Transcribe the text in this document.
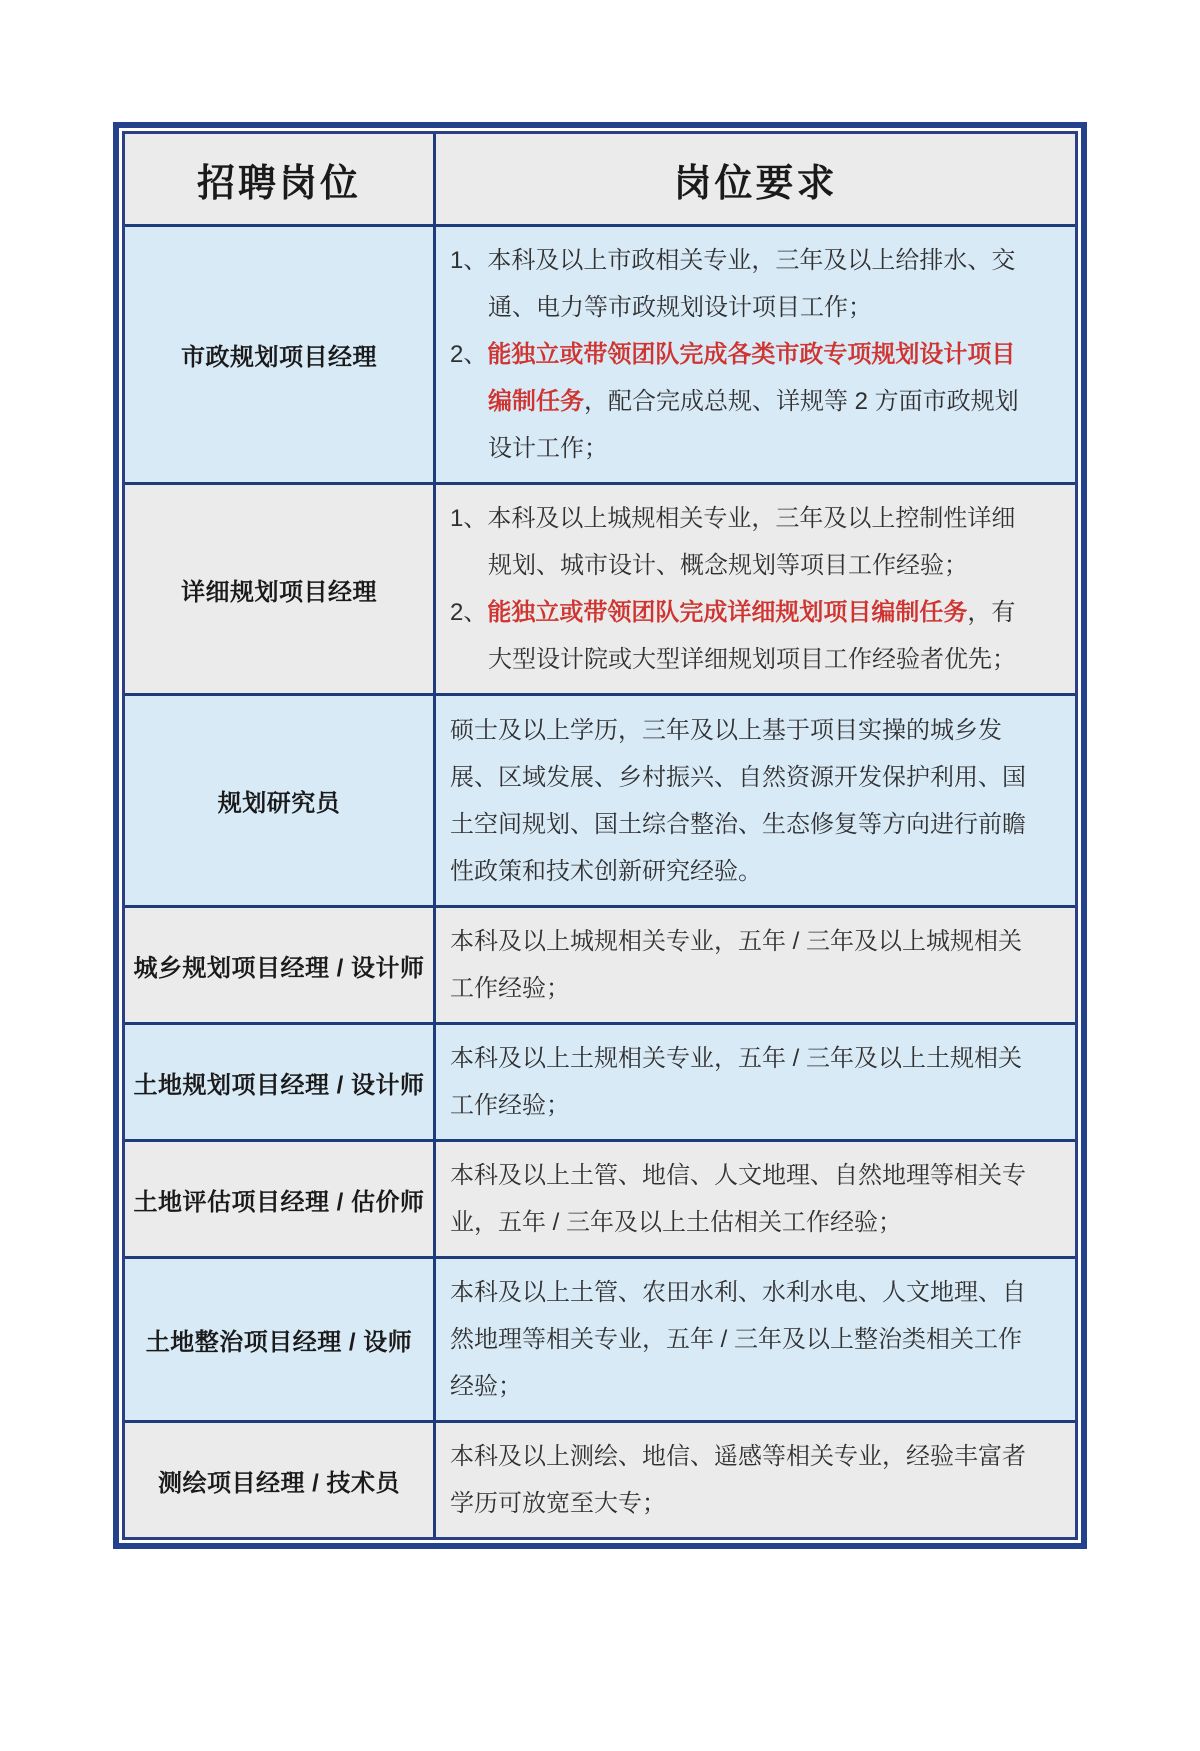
招聘岗位	岗位要求
市政规划项目经理
1、本科及以上市政相关专业，三年及以上给排水、交通、电力等市政规划设计项目工作；
2、能独立或带领团队完成各类市政专项规划设计项目编制任务，配合完成总规、详规等 2 方面市政规划设计工作；
详细规划项目经理
1、本科及以上城规相关专业，三年及以上控制性详细规划、城市设计、概念规划等项目工作经验；
2、能独立或带领团队完成详细规划项目编制任务，有大型设计院或大型详细规划项目工作经验者优先；
规划研究员
硕士及以上学历，三年及以上基于项目实操的城乡发展、区域发展、乡村振兴、自然资源开发保护利用、国土空间规划、国土综合整治、生态修复等方向进行前瞻性政策和技术创新研究经验。
城乡规划项目经理 / 设计师
本科及以上城规相关专业，五年 / 三年及以上城规相关工作经验；
土地规划项目经理 / 设计师
本科及以上土规相关专业，五年 / 三年及以上土规相关工作经验；
土地评估项目经理 / 估价师
本科及以上土管、地信、人文地理、自然地理等相关专业，五年 / 三年及以上土估相关工作经验；
土地整治项目经理 / 设师
本科及以上土管、农田水利、水利水电、人文地理、自然地理等相关专业，五年 / 三年及以上整治类相关工作经验；
测绘项目经理 / 技术员
本科及以上测绘、地信、遥感等相关专业，经验丰富者学历可放宽至大专；
